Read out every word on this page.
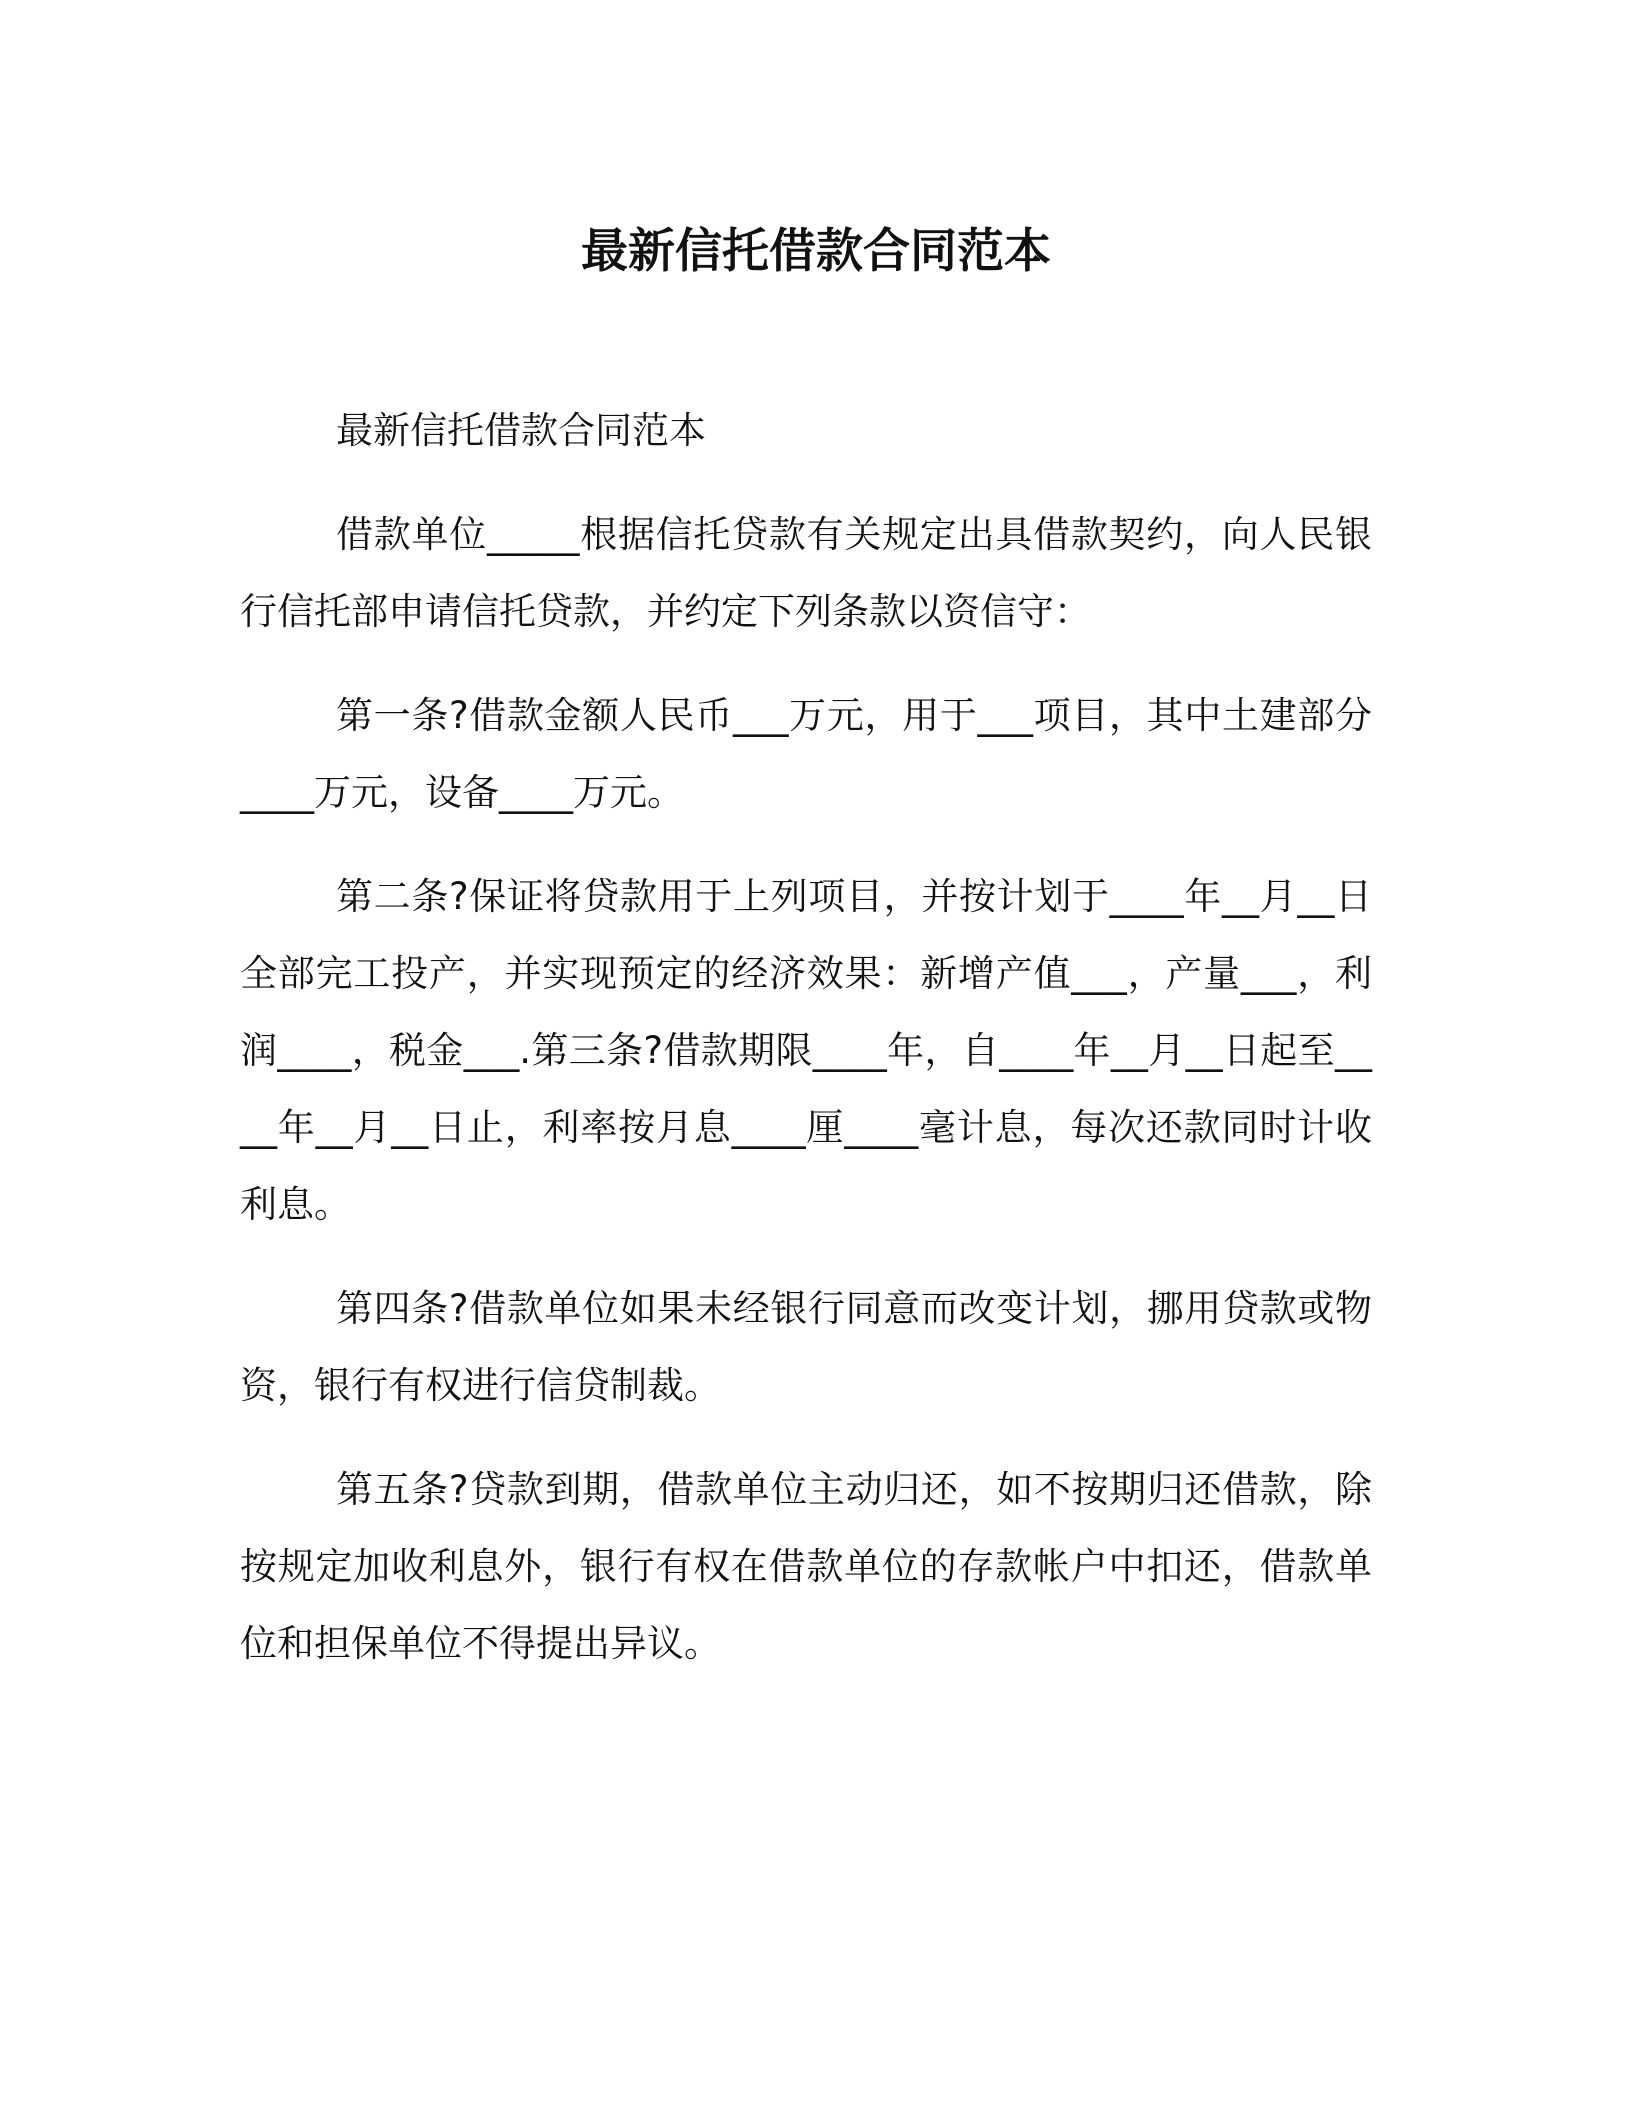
最新信托借款合同范本

最新信托借款合同范本

借款单位_____根据信托贷款有关规定出具借款契约，向人民银行信托部申请信托贷款，并约定下列条款以资信守：

第一条?借款金额人民币___万元，用于___项目，其中土建部分____万元，设备____万元。

第二条?保证将贷款用于上列项目，并按计划于____年__月__日全部完工投产，并实现预定的经济效果：新增产值___，产量___，利润____，税金___.第三条?借款期限____年，自____年__月__日起至____年__月__日止，利率按月息____厘____毫计息，每次还款同时计收利息。

第四条?借款单位如果未经银行同意而改变计划，挪用贷款或物资，银行有权进行信贷制裁。

第五条?贷款到期，借款单位主动归还，如不按期归还借款，除按规定加收利息外，银行有权在借款单位的存款帐户中扣还，借款单位和担保单位不得提出异议。
